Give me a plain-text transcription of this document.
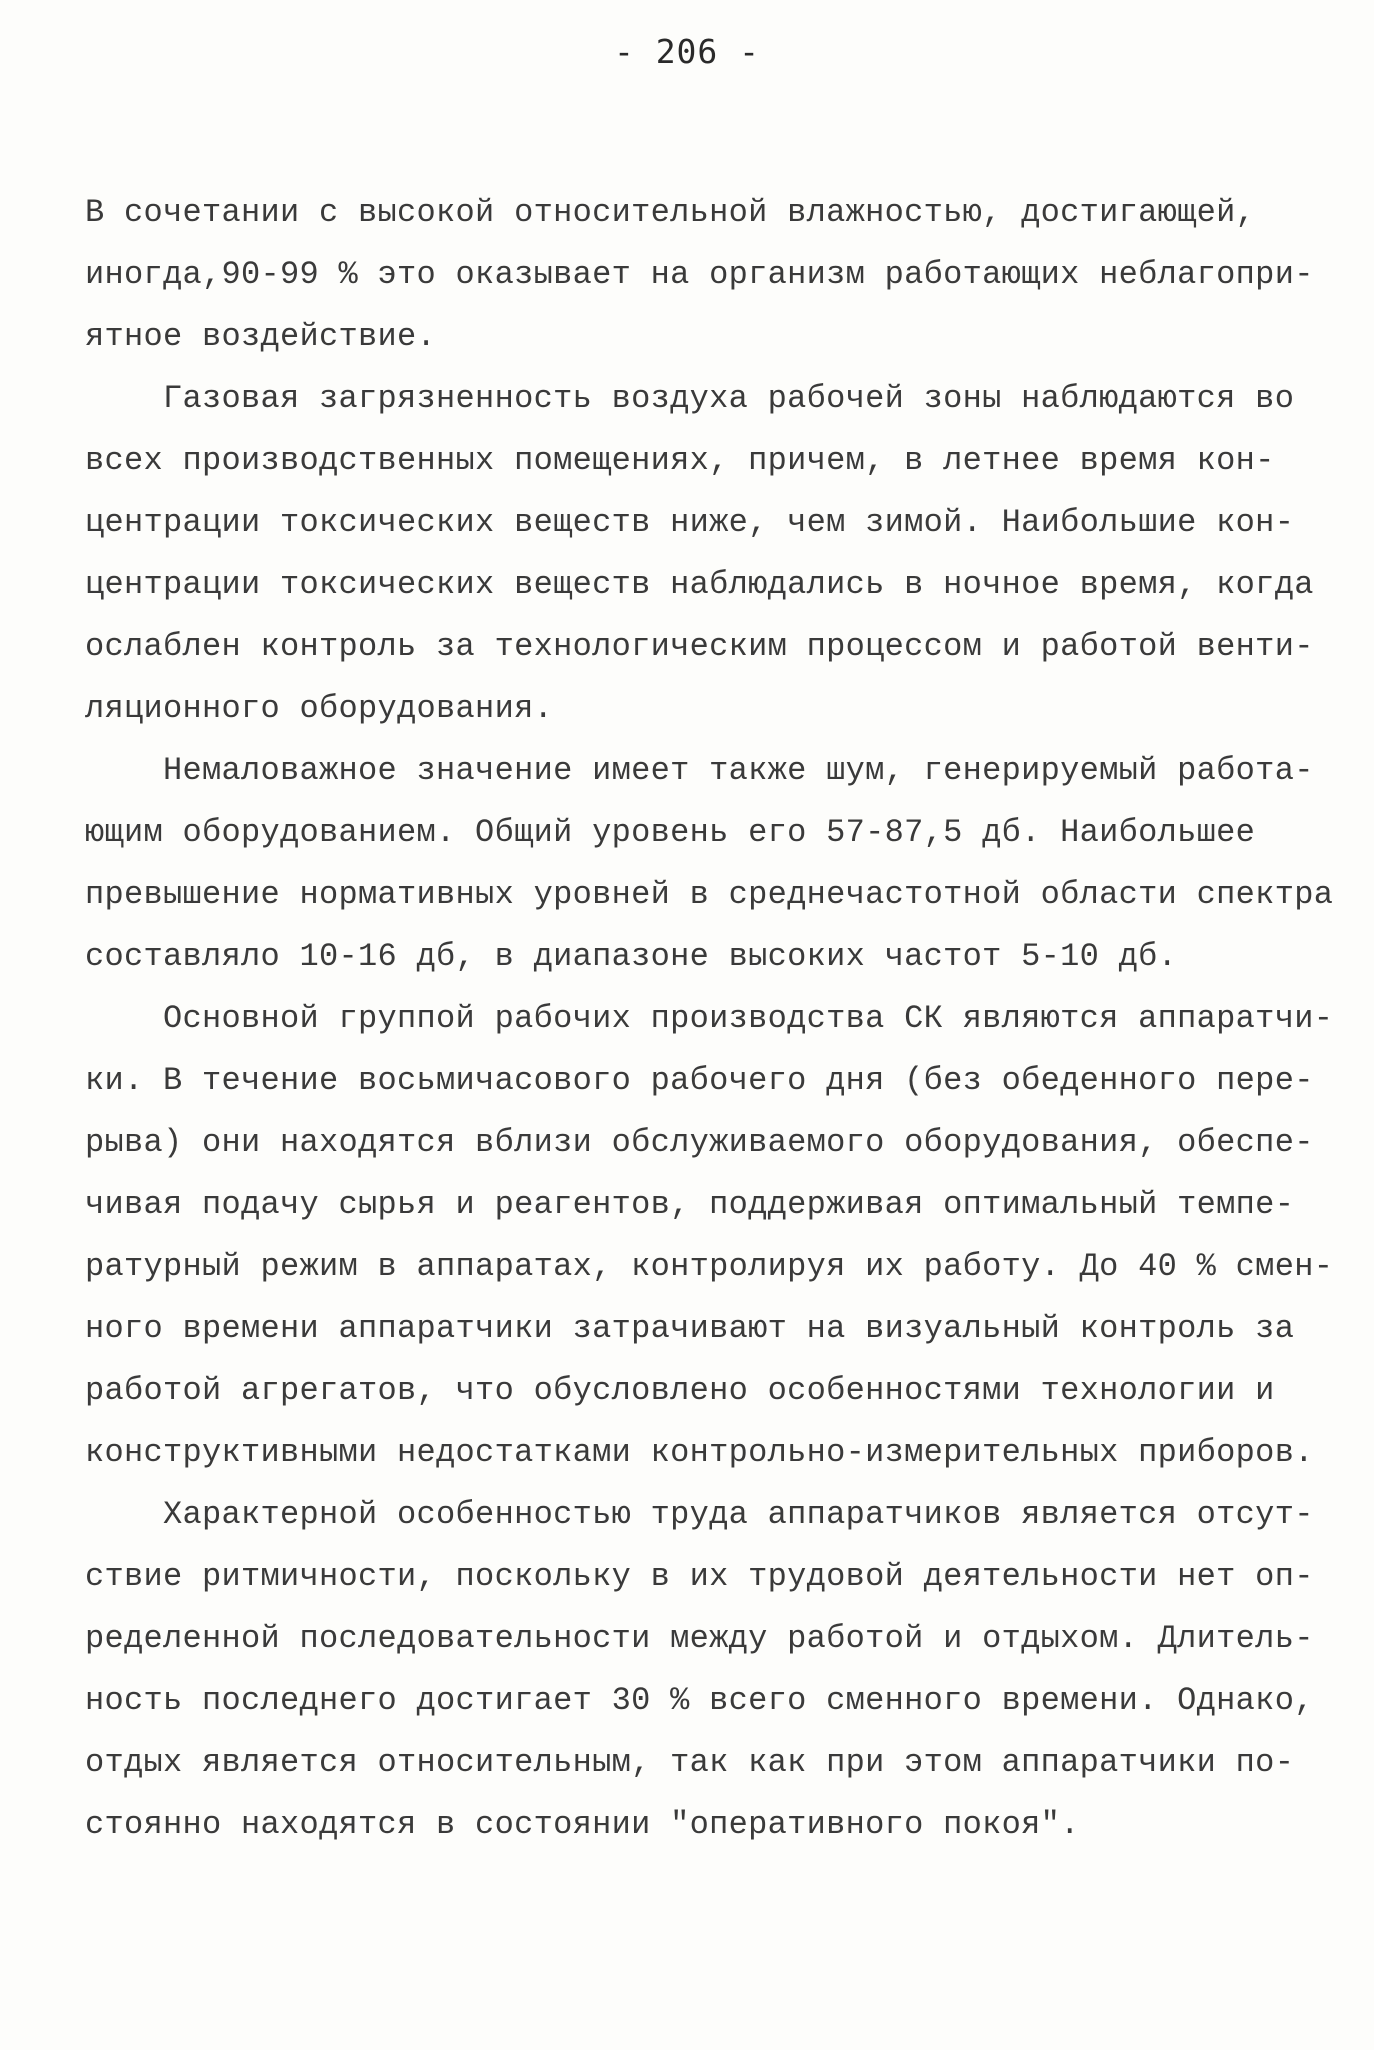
- 206 -
В сочетании с высокой относительной влажностью, достигающей,
иногда,90-99 % это оказывает на организм работающих неблагопри-
ятное воздействие.
Газовая загрязненность воздуха рабочей зоны наблюдаются во
всех производственных помещениях, причем, в летнее время кон-
центрации токсических веществ ниже, чем зимой. Наибольшие кон-
центрации токсических веществ наблюдались в ночное время, когда
ослаблен контроль за технологическим процессом и работой венти-
ляционного оборудования.
Немаловажное значение имеет также шум, генерируемый работа-
ющим оборудованием. Общий уровень его 57-87,5 дб. Наибольшее
превышение нормативных уровней в среднечастотной области спектра
составляло 10-16 дб, в диапазоне высоких частот 5-10 дб.
Основной группой рабочих производства СК являются аппаратчи-
ки. В течение восьмичасового рабочего дня (без обеденного пере-
рыва) они находятся вблизи обслуживаемого оборудования, обеспе-
чивая подачу сырья и реагентов, поддерживая оптимальный темпе-
ратурный режим в аппаратах, контролируя их работу. До 40 % смен-
ного времени аппаратчики затрачивают на визуальный контроль за
работой агрегатов, что обусловлено особенностями технологии и
конструктивными недостатками контрольно-измерительных приборов.
Характерной особенностью труда аппаратчиков является отсут-
ствие ритмичности, поскольку в их трудовой деятельности нет оп-
ределенной последовательности между работой и отдыхом. Длитель-
ность последнего достигает 30 % всего сменного времени. Однако,
отдых является относительным, так как при этом аппаратчики по-
стоянно находятся в состоянии "оперативного покоя".
